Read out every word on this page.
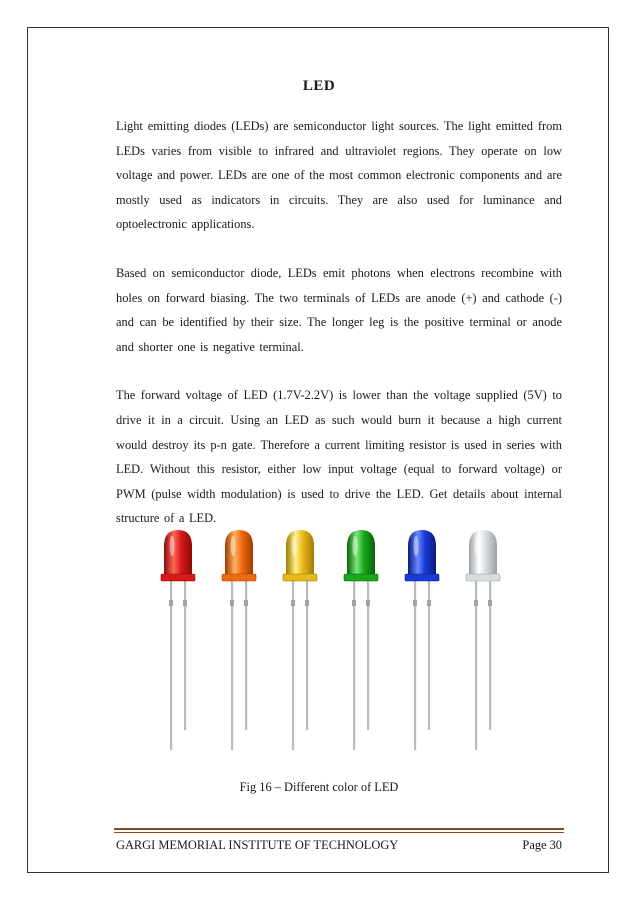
LED

Light emitting diodes (LEDs) are semiconductor light sources. The light emitted from LEDs varies from visible to infrared and ultraviolet regions. They operate on low voltage and power. LEDs are one of the most common electronic components and are mostly used as indicators in circuits. They are also used for luminance and optoelectronic applications.

Based on semiconductor diode, LEDs emit photons when electrons recombine with holes on forward biasing. The two terminals of LEDs are anode (+) and cathode (-) and can be identified by their size. The longer leg is the positive terminal or anode and shorter one is negative terminal.

The forward voltage of LED (1.7V-2.2V) is lower than the voltage supplied (5V) to drive it in a circuit. Using an LED as such would burn it because a high current would destroy its p-n gate. Therefore a current limiting resistor is used in series with LED. Without this resistor, either low input voltage (equal to forward voltage) or PWM (pulse width modulation) is used to drive the LED. Get details about internal structure of a LED.

Fig 16 – Different color of LED
GARGI MEMORIAL INSTITUTE OF TECHNOLOGY	Page 30
